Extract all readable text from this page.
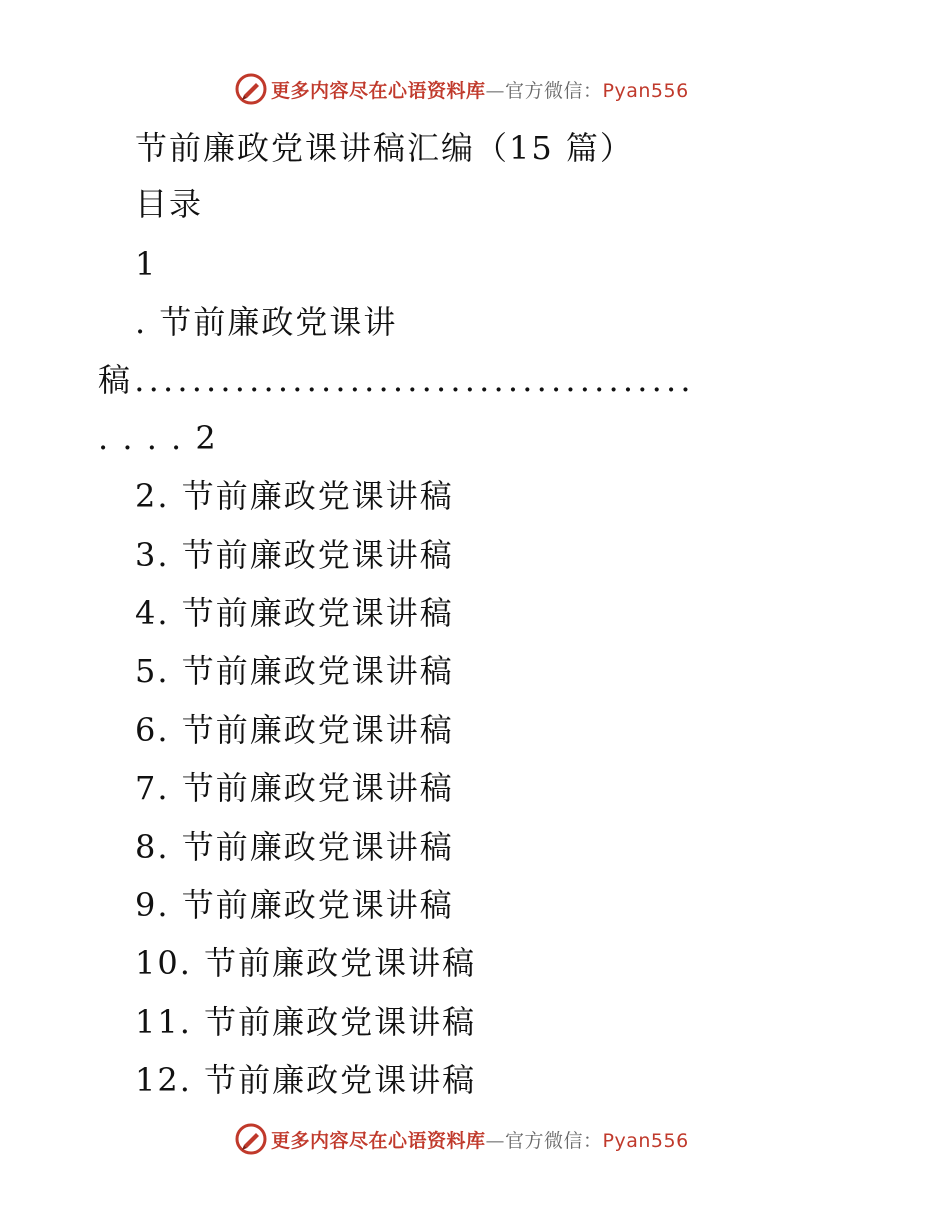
更多内容尽在心语资料库—官方微信：Pyan556
节前廉政党课讲稿汇编（15 篇）
目录
1
. 节前廉政党课讲
稿.......................................
. . . . 2
2. 节前廉政党课讲稿
3. 节前廉政党课讲稿
4. 节前廉政党课讲稿
5. 节前廉政党课讲稿
6. 节前廉政党课讲稿
7. 节前廉政党课讲稿
8. 节前廉政党课讲稿
9. 节前廉政党课讲稿
10. 节前廉政党课讲稿
11. 节前廉政党课讲稿
12. 节前廉政党课讲稿
更多内容尽在心语资料库—官方微信：Pyan556
